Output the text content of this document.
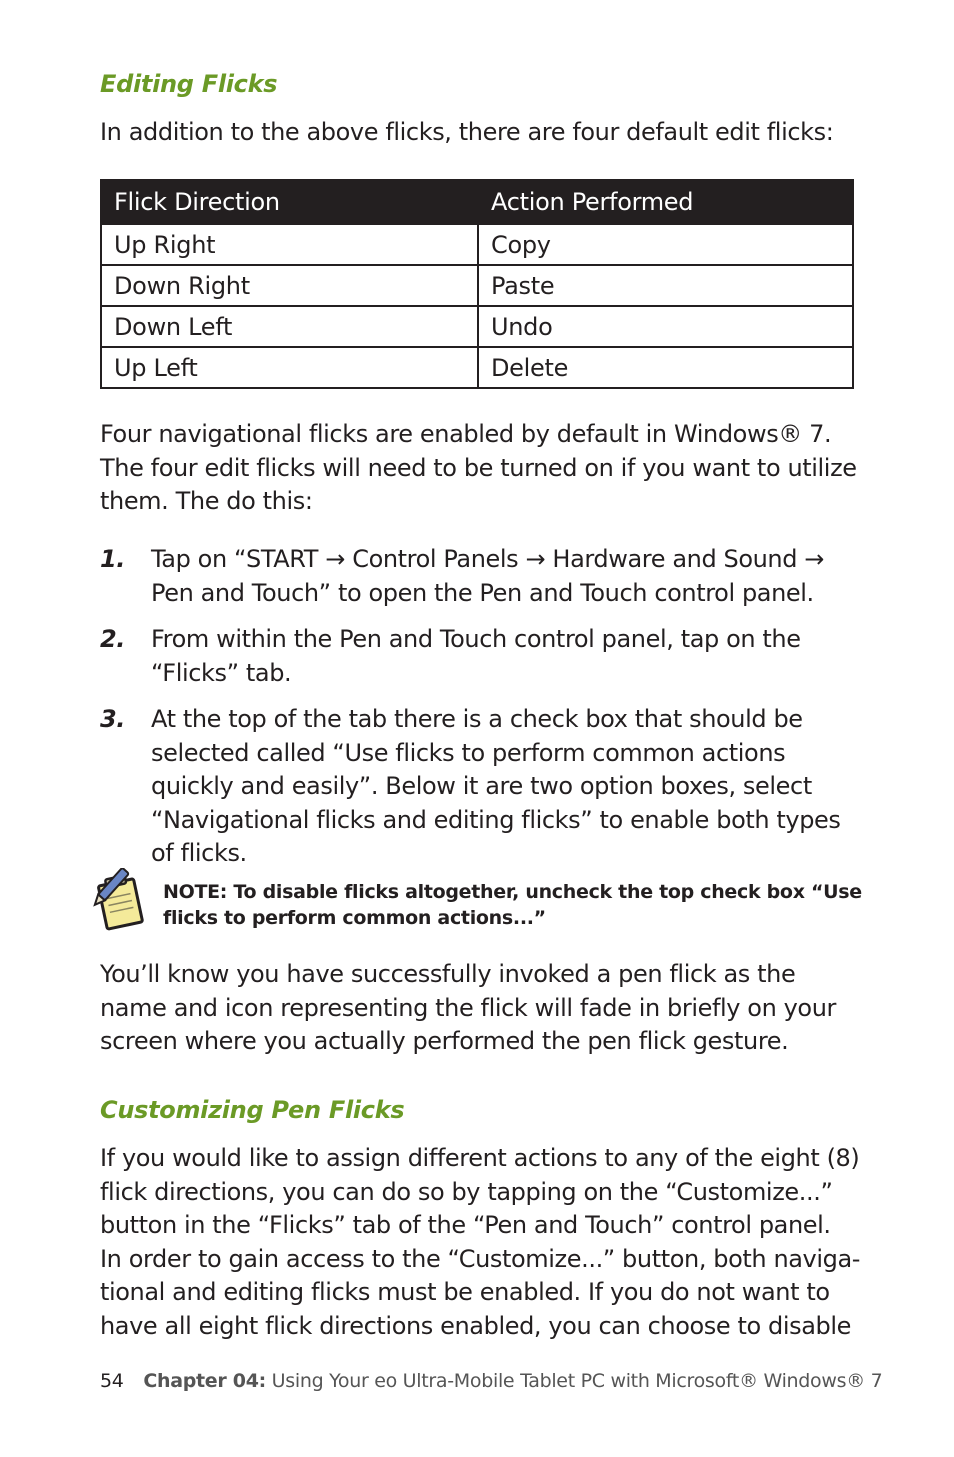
Editing Flicks
In addition to the above flicks, there are four default edit flicks:
Flick Direction	Action Performed
Up Right	Copy
Down Right	Paste
Down Left	Undo
Up Left	Delete
Four navigational flicks are enabled by default in Windows® 7.
The four edit flicks will need to be turned on if you want to utilize
them. The do this:
1. Tap on “START → Control Panels → Hardware and Sound →
Pen and Touch” to open the Pen and Touch control panel.
2. From within the Pen and Touch control panel, tap on the
“Flicks” tab.
3. At the top of the tab there is a check box that should be
selected called “Use flicks to perform common actions
quickly and easily”. Below it are two option boxes, select
“Navigational flicks and editing flicks” to enable both types
of flicks.
NOTE: To disable flicks altogether, uncheck the top check box “Use
flicks to perform common actions...”
You’ll know you have successfully invoked a pen flick as the
name and icon representing the flick will fade in briefly on your
screen where you actually performed the pen flick gesture.
Customizing Pen Flicks
If you would like to assign different actions to any of the eight (8)
flick directions, you can do so by tapping on the “Customize...”
button in the “Flicks” tab of the “Pen and Touch” control panel.
In order to gain access to the “Customize...” button, both naviga-
tional and editing flicks must be enabled. If you do not want to
have all eight flick directions enabled, you can choose to disable
54 Chapter 04: Using Your eo Ultra-Mobile Tablet PC with Microsoft® Windows® 7
